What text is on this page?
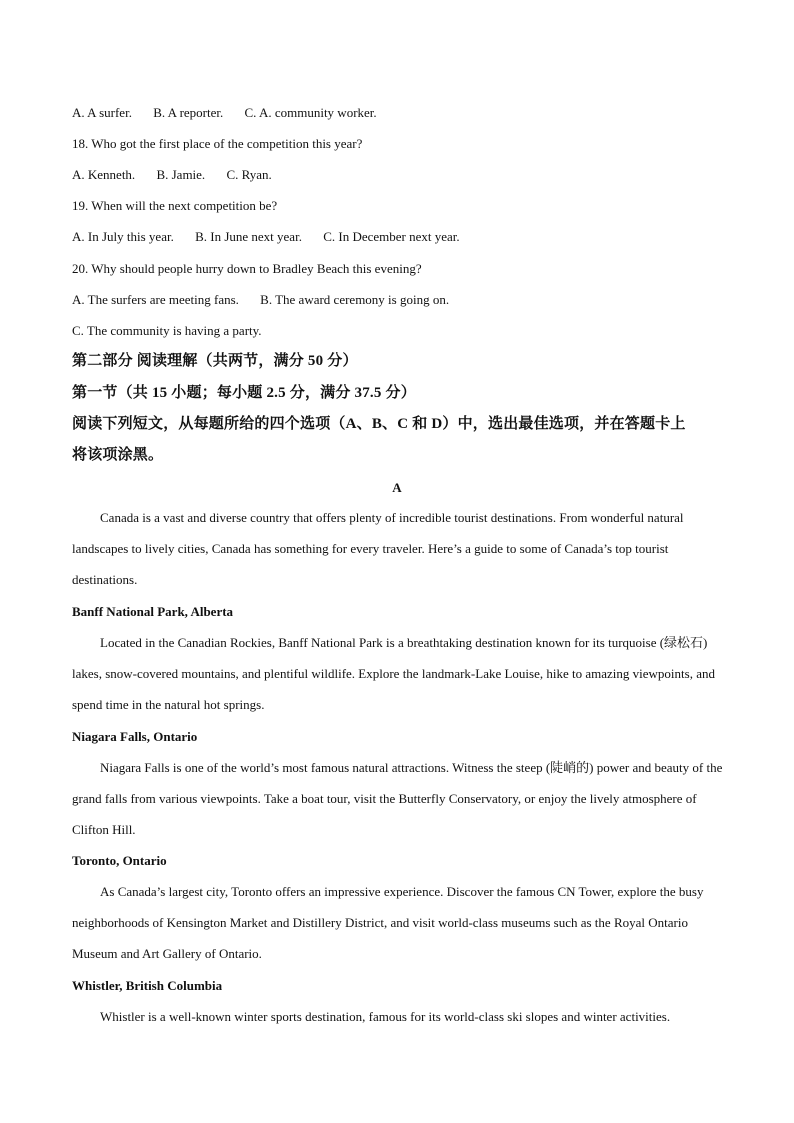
A. A surfer. B. A reporter. C. A. community worker.
18. Who got the first place of the competition this year?
A. Kenneth. B. Jamie. C. Ryan.
19. When will the next competition be?
A. In July this year. B. In June next year. C. In December next year.
20. Why should people hurry down to Bradley Beach this evening?
A. The surfers are meeting fans. B. The award ceremony is going on.
C. The community is having a party.
第二部分 阅读理解（共两节，满分 50 分）
第一节（共 15 小题；每小题 2.5 分，满分 37.5 分）
阅读下列短文，从每题所给的四个选项（A、B、C 和 D）中，选出最佳选项，并在答题卡上
将该项涂黑。
A
Canada is a vast and diverse country that offers plenty of incredible tourist destinations. From wonderful natural landscapes to lively cities, Canada has something for every traveler. Here’s a guide to some of Canada’s top tourist destinations.
Banff National Park, Alberta
Located in the Canadian Rockies, Banff National Park is a breathtaking destination known for its turquoise (绿松石) lakes, snow-covered mountains, and plentiful wildlife. Explore the landmark-Lake Louise, hike to amazing viewpoints, and spend time in the natural hot springs.
Niagara Falls, Ontario
Niagara Falls is one of the world’s most famous natural attractions. Witness the steep (陡峭的) power and beauty of the grand falls from various viewpoints. Take a boat tour, visit the Butterfly Conservatory, or enjoy the lively atmosphere of Clifton Hill.
Toronto, Ontario
As Canada’s largest city, Toronto offers an impressive experience. Discover the famous CN Tower, explore the busy neighborhoods of Kensington Market and Distillery District, and visit world-class museums such as the Royal Ontario Museum and Art Gallery of Ontario.
Whistler, British Columbia
Whistler is a well-known winter sports destination, famous for its world-class ski slopes and winter activities.
